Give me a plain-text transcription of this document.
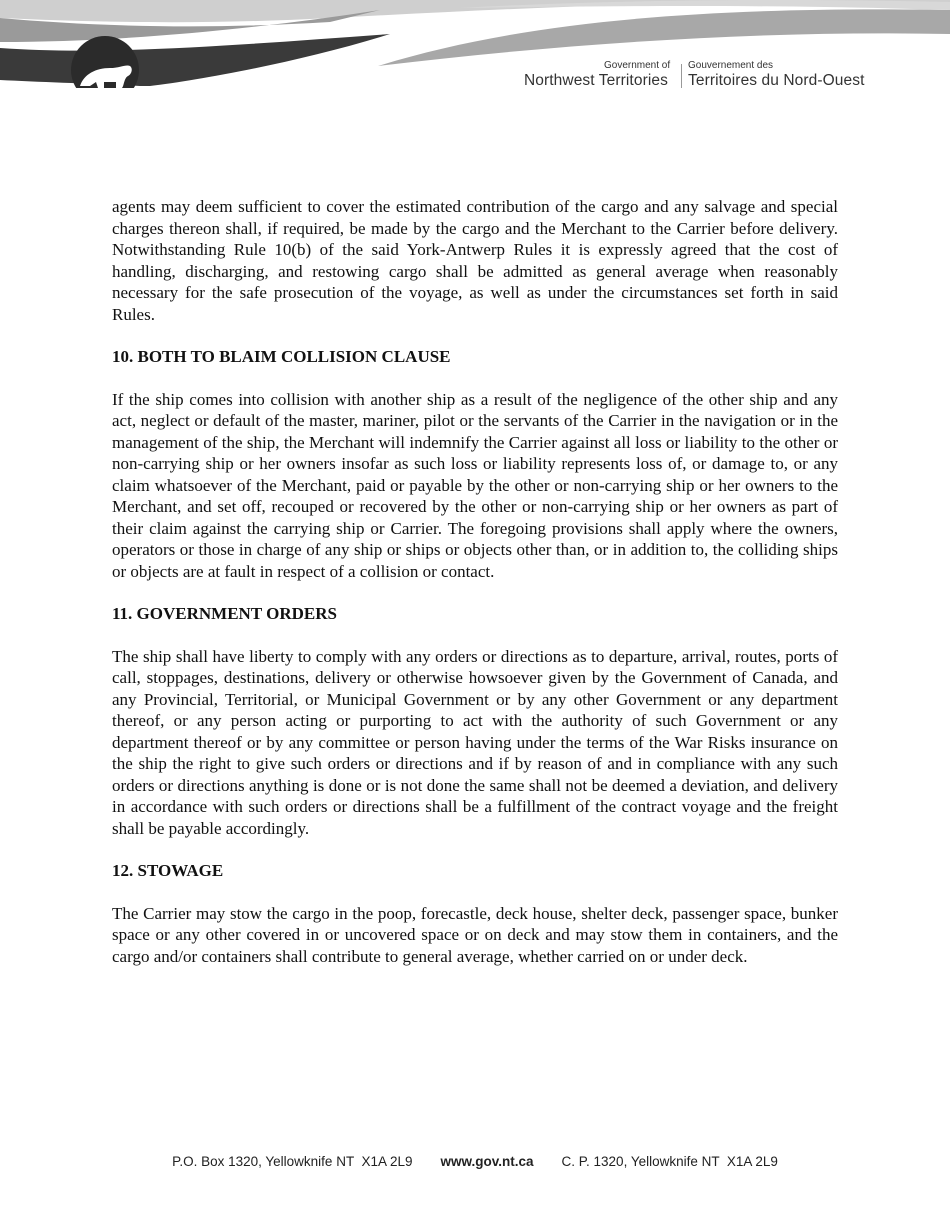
Government of
Northwest Territories
Gouvernement des
Territoires du Nord-Ouest

agents may deem sufficient to cover the estimated contribution of the cargo and any salvage and special charges thereon shall, if required, be made by the cargo and the Merchant to the Carrier before delivery. Notwithstanding Rule 10(b) of the said York-Antwerp Rules it is expressly agreed that the cost of handling, discharging, and restowing cargo shall be admitted as general average when reasonably necessary for the safe prosecution of the voyage, as well as under the circumstances set forth in said Rules.

10. BOTH TO BLAIM COLLISION CLAUSE

If the ship comes into collision with another ship as a result of the negligence of the other ship and any act, neglect or default of the master, mariner, pilot or the servants of the Carrier in the navigation or in the management of the ship, the Merchant will indemnify the Carrier against all loss or liability to the other or non-carrying ship or her owners insofar as such loss or liability represents loss of, or damage to, or any claim whatsoever of the Merchant, paid or payable by the other or non-carrying ship or her owners to the Merchant, and set off, recouped or recovered by the other or non-carrying ship or her owners as part of their claim against the carrying ship or Carrier. The foregoing provisions shall apply where the owners, operators or those in charge of any ship or ships or objects other than, or in addition to, the colliding ships or objects are at fault in respect of a collision or contact.

11. GOVERNMENT ORDERS

The ship shall have liberty to comply with any orders or directions as to departure, arrival, routes, ports of call, stoppages, destinations, delivery or otherwise howsoever given by the Government of Canada, and any Provincial, Territorial, or Municipal Government or by any other Government or any department thereof, or any person acting or purporting to act with the authority of such Government or any department thereof or by any committee or person having under the terms of the War Risks insurance on the ship the right to give such orders or directions and if by reason of and in compliance with any such orders or directions anything is done or is not done the same shall not be deemed a deviation, and delivery in accordance with such orders or directions shall be a fulfillment of the contract voyage and the freight shall be payable accordingly.

12. STOWAGE

The Carrier may stow the cargo in the poop, forecastle, deck house, shelter deck, passenger space, bunker space or any other covered in or uncovered space or on deck and may stow them in containers, and the cargo and/or containers shall contribute to general average, whether carried on or under deck.

P.O. Box 1320, Yellowknife NT  X1A 2L9 www.gov.nt.ca C. P. 1320, Yellowknife NT  X1A 2L9
